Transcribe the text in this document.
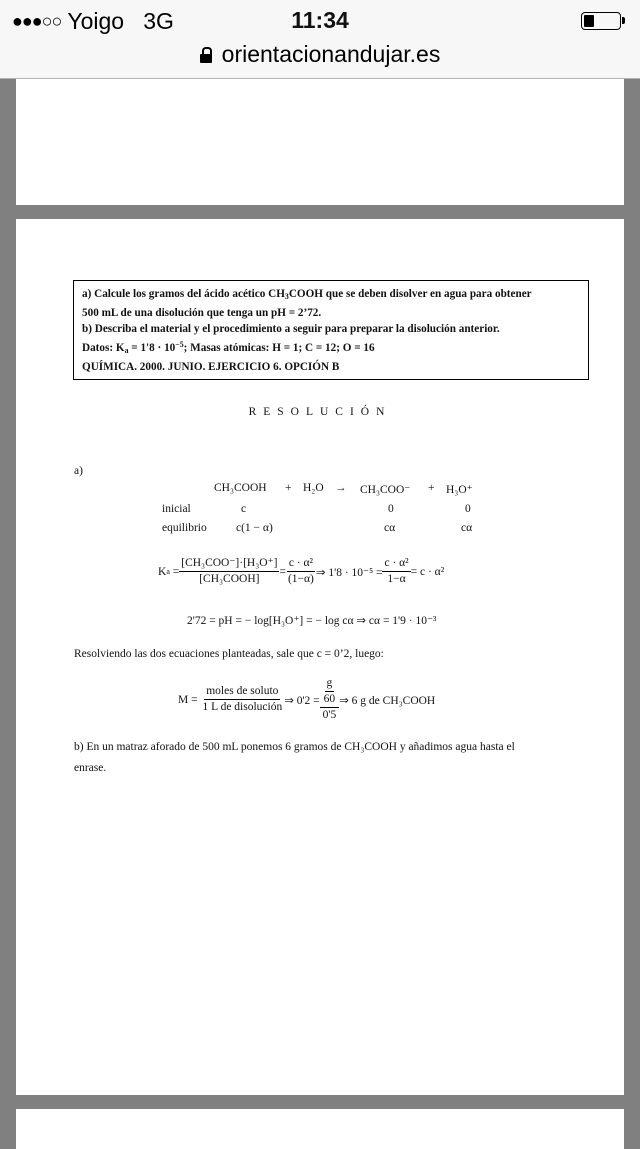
●●●○○ Yoigo 3G	11:34
orientacionandujar.es
a) Calcule los gramos del ácido acético $CH_3COOH$ que se deben disolver en agua para obtener
500 mL de una disolución que tenga un pH = 2’72.
b) Describa el material y el procedimiento a seguir para preparar la disolución anterior.
Datos: $K_a = 1'8 \cdot 10^{-5}$; Masas atómicas: H = 1; C = 12; O = 16
QUÍMICA. 2000. JUNIO. EJERCICIO 6. OPCIÓN B
RESOLUCIÓN
a)
CH₃COOH + H₂O → CH₃COO⁻ + H₃O⁺
inicial	c	0	0
equilibrio	c(1 − α)	cα	cα
K a
= $\frac{\text{[CH₃COO⁻]·[H₃O⁺]}}{\text{[CH₃COOH]}} = \frac{\text{c · α²}}{(1-\alpha)}$ ⇒ $1'8 \cdot 10^{-5} = \frac{\text{c · α²}}{1-\alpha} = c \cdot \alpha^2$
2'72 = pH = − log[H₃O⁺] = − log cα ⇒ cα = 1'9 · 10⁻³
Resolviendo las dos ecuaciones planteadas, sale que c = 0’2, luego:
M =
$\frac{\text{moles de soluto}}{\text{1 L de disolución}}$ ⇒ $0'2 = \frac{\frac{g}{60}}{0'5}$ ⇒ 6 g de CH₃COOH
b) En un matraz aforado de 500 mL ponemos 6 gramos de CH₃COOH y añadimos agua hasta el
enrase.
